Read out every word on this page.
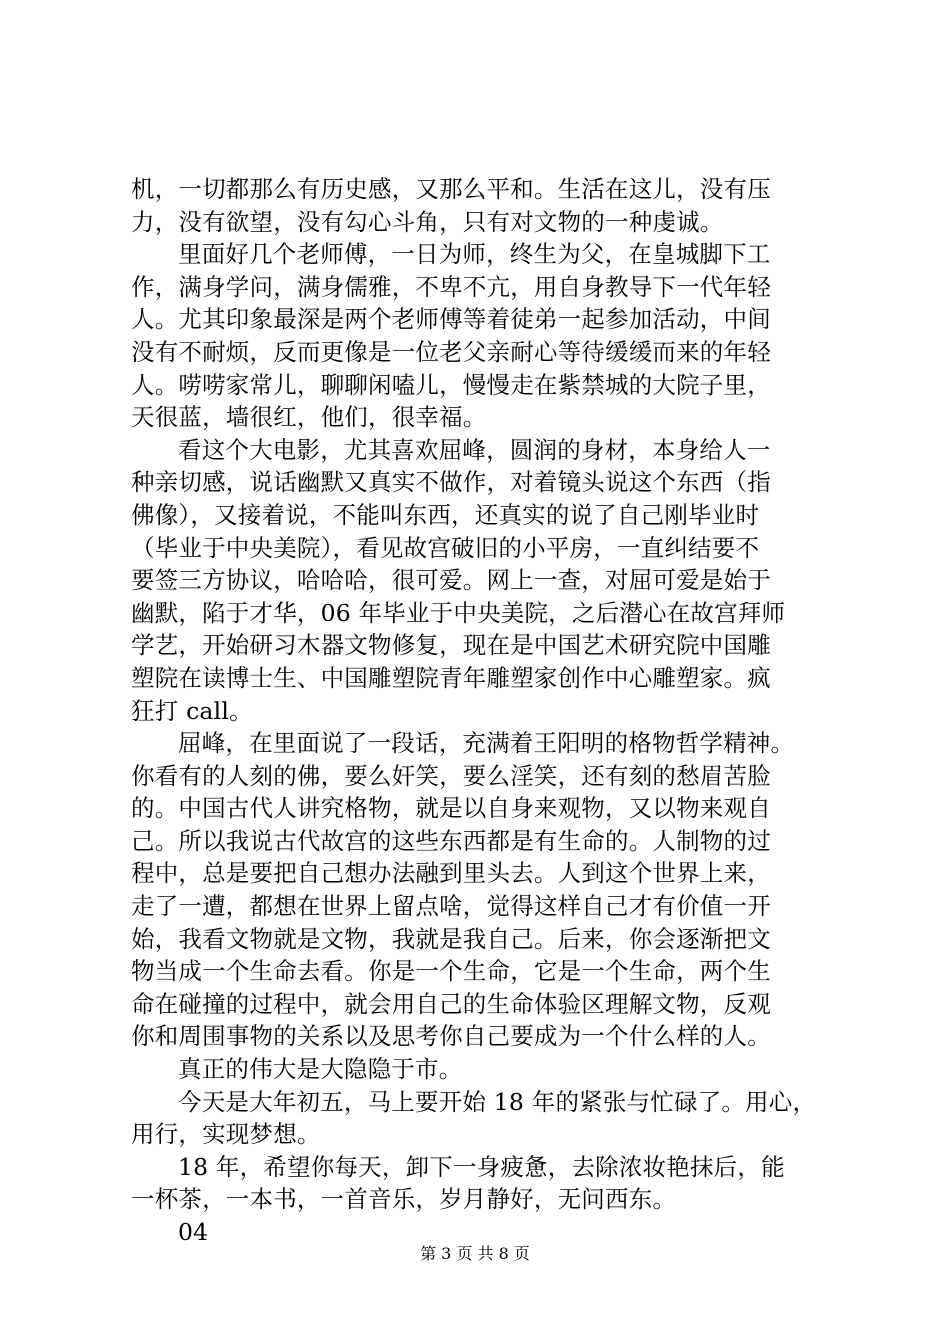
机，一切都那么有历史感，又那么平和。生活在这儿，没有压
力，没有欲望，没有勾心斗角，只有对文物的一种虔诚。
里面好几个老师傅，一日为师，终生为父，在皇城脚下工
作，满身学问，满身儒雅，不卑不亢，用自身教导下一代年轻
人。尤其印象最深是两个老师傅等着徒弟一起参加活动，中间
没有不耐烦，反而更像是一位老父亲耐心等待缓缓而来的年轻
人。唠唠家常儿，聊聊闲嗑儿，慢慢走在紫禁城的大院子里，
天很蓝，墙很红，他们，很幸福。
看这个大电影，尤其喜欢屈峰，圆润的身材，本身给人一
种亲切感，说话幽默又真实不做作，对着镜头说这个东西（指
佛像），又接着说，不能叫东西，还真实的说了自己刚毕业时
（毕业于中央美院），看见故宫破旧的小平房，一直纠结要不
要签三方协议，哈哈哈，很可爱。网上一查，对屈可爱是始于
幽默，陷于才华，06 年毕业于中央美院，之后潜心在故宫拜师
学艺，开始研习木器文物修复，现在是中国艺术研究院中国雕
塑院在读博士生、中国雕塑院青年雕塑家创作中心雕塑家。疯
狂打 call。
屈峰，在里面说了一段话，充满着王阳明的格物哲学精神。
你看有的人刻的佛，要么奸笑，要么淫笑，还有刻的愁眉苦脸
的。中国古代人讲究格物，就是以自身来观物，又以物来观自
己。所以我说古代故宫的这些东西都是有生命的。人制物的过
程中，总是要把自己想办法融到里头去。人到这个世界上来，
走了一遭，都想在世界上留点啥，觉得这样自己才有价值一开
始，我看文物就是文物，我就是我自己。后来，你会逐渐把文
物当成一个生命去看。你是一个生命，它是一个生命，两个生
命在碰撞的过程中，就会用自己的生命体验区理解文物，反观
你和周围事物的关系以及思考你自己要成为一个什么样的人。
真正的伟大是大隐隐于市。
今天是大年初五，马上要开始 18 年的紧张与忙碌了。用心，
用行，实现梦想。
18 年，希望你每天，卸下一身疲惫，去除浓妆艳抹后，能
一杯茶，一本书，一首音乐，岁月静好，无问西东。
04
第 3 页 共 8 页
